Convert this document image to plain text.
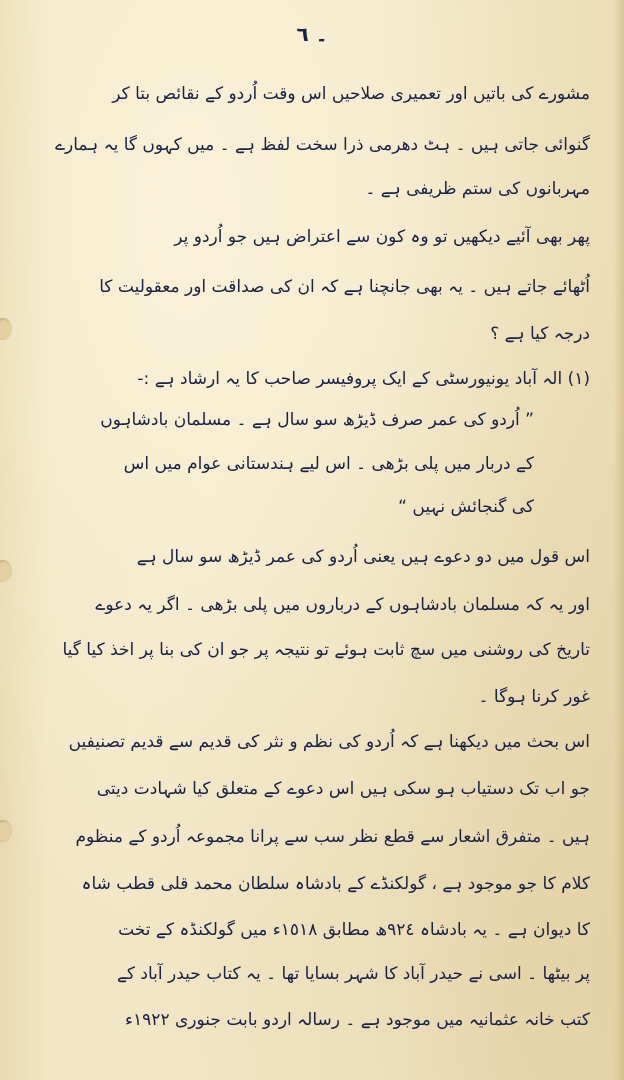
۔ ٦
مشورے کی باتیں اور تعمیری صلاحیں اس وقت اُردو کے نقائص بتا کر
گنوائی جاتی ہیں ۔ ہٹ دھرمی ذرا سخت لفظ ہے ۔ میں کہوں گا یہ ہمارے
مہربانوں کی ستم ظریفی ہے ۔
پھر بھی آئیے دیکھیں تو وہ کون سے اعتراض ہیں جو اُردو پر
اُٹھائے جاتے ہیں ۔ یہ بھی جانچنا ہے کہ ان کی صداقت اور معقولیت کا
درجہ کیا ہے ؟
(١) الہ آباد یونیورسٹی کے ایک پروفیسر صاحب کا یہ ارشاد ہے :-
” اُردو کی عمر صرف ڈیڑھ سو سال ہے ۔ مسلمان بادشاہوں
کے دربار میں پلی بڑھی ۔ اس لیے ہندستانی عوام میں اس
کی گنجائش نہیں “
اس قول میں دو دعوے ہیں یعنی اُردو کی عمر ڈیڑھ سو سال ہے
اور یہ کہ مسلمان بادشاہوں کے درباروں میں پلی بڑھی ۔ اگر یہ دعوے
تاریخ کی روشنی میں سچ ثابت ہوئے تو نتیجہ پر جو ان کی بنا پر اخذ کیا گیا
غور کرنا ہوگا ۔
اس بحث میں دیکھنا ہے کہ اُردو کی نظم و نثر کی قدیم سے قدیم تصنیفیں
جو اب تک دستیاب ہو سکی ہیں اس دعوے کے متعلق کیا شہادت دیتی
ہیں ۔ متفرق اشعار سے قطع نظر سب سے پرانا مجموعہ اُردو کے منظوم
کلام کا جو موجود ہے ، گولکنڈے کے بادشاہ سلطان محمد قلی قطب شاہ
کا دیوان ہے ۔ یہ بادشاہ ٩٢٤ھ مطابق ١٥١٨ء میں گولکنڈہ کے تخت
پر بیٹھا ۔ اسی نے حیدر آباد کا شہر بسایا تھا ۔ یہ کتاب حیدر آباد کے
کتب خانہ عثمانیہ میں موجود ہے ۔ رسالہ اردو بابت جنوری ١٩٢٢ء
